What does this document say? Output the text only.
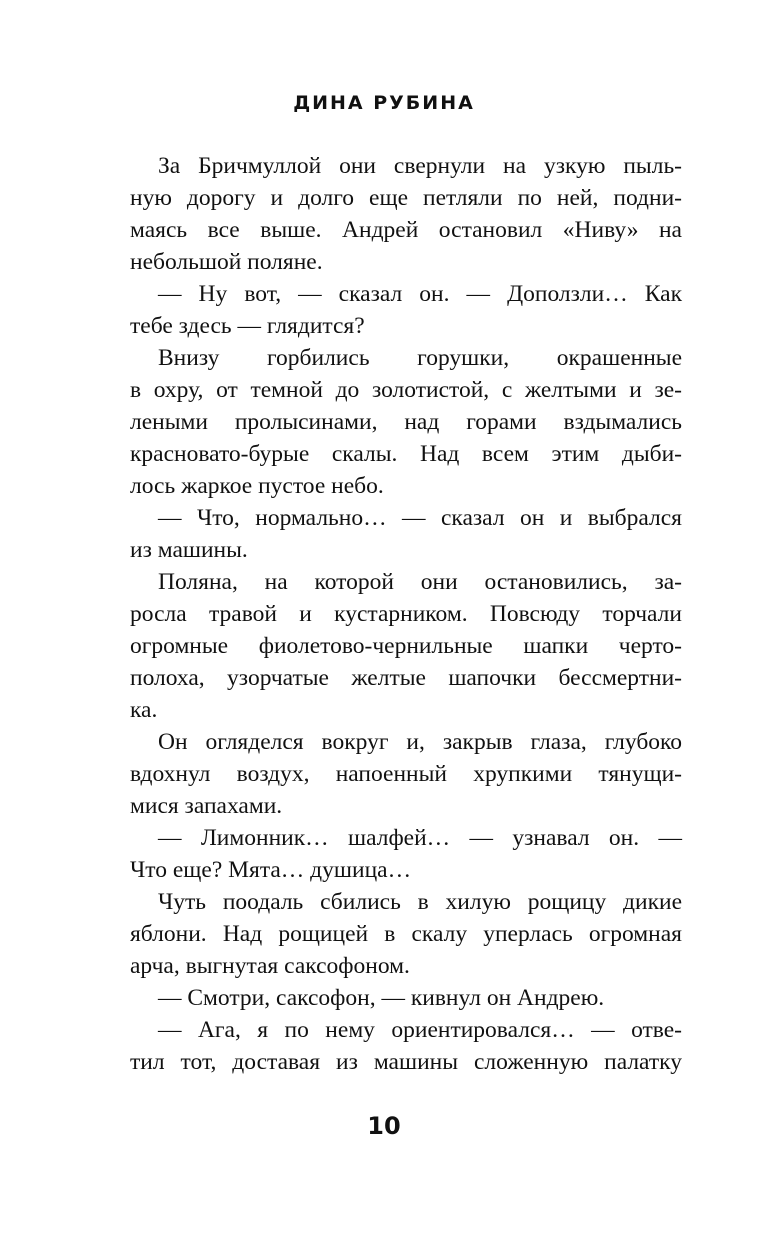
ДИНА РУБИНА
За Бричмуллой они свернули на узкую пыль-
ную дорогу и долго еще петляли по ней, подни-
маясь все выше. Андрей остановил «Ниву» на
небольшой поляне.
— Ну вот, — сказал он. — Доползли… Как
тебе здесь — глядится?
Внизу горбились горушки, окрашенные
в охру, от темной до золотистой, с желтыми и зе-
леными пролысинами, над горами вздымались
красновато-бурые скалы. Над всем этим дыби-
лось жаркое пустое небо.
— Что, нормально… — сказал он и выбрался
из машины.
Поляна, на которой они остановились, за-
росла травой и кустарником. Повсюду торчали
огромные фиолетово-чернильные шапки черто-
полоха, узорчатые желтые шапочки бессмертни-
ка.
Он огляделся вокруг и, закрыв глаза, глубоко
вдохнул воздух, напоенный хрупкими тянущи-
мися запахами.
— Лимонник… шалфей… — узнавал он. —
Что еще? Мята… душица…
Чуть поодаль сбились в хилую рощицу дикие
яблони. Над рощицей в скалу уперлась огромная
арча, выгнутая саксофоном.
— Смотри, саксофон, — кивнул он Андрею.
— Ага, я по нему ориентировался… — отве-
тил тот, доставая из машины сложенную палатку
10
